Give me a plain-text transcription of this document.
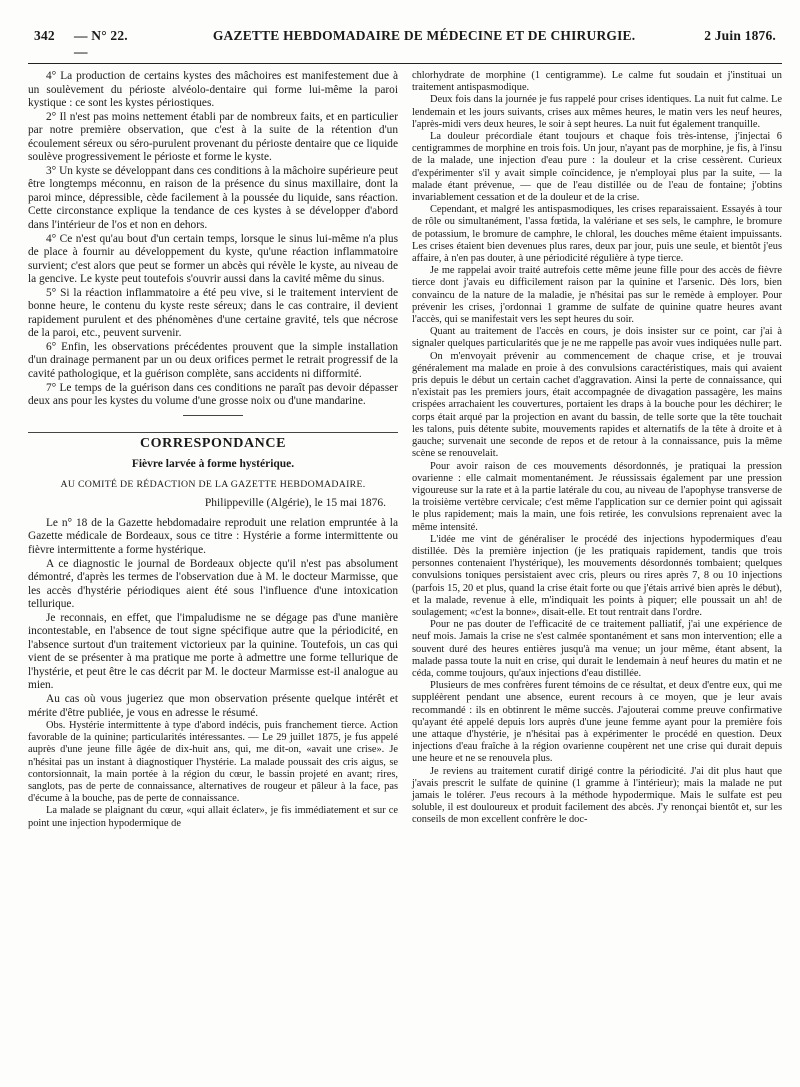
342	— N° 22. —
GAZETTE HEBDOMADAIRE DE MÉDECINE ET DE CHIRURGIE.	2 Juin 1876.

4° La production de certains kystes des mâchoires est manifestement due à un soulèvement du périoste alvéolo-dentaire qui forme lui-même la paroi kystique : ce sont les kystes périostiques.

2° Il n'est pas moins nettement établi par de nombreux faits, et en particulier par notre première observation, que c'est à la suite de la rétention d'un écoulement séreux ou séro-purulent provenant du périoste dentaire que ce liquide soulève progressivement le périoste et forme le kyste.

3° Un kyste se développant dans ces conditions à la mâchoire supérieure peut être longtemps méconnu, en raison de la présence du sinus maxillaire, dont la paroi mince, dépressible, cède facilement à la poussée du liquide, sans réaction. Cette circonstance explique la tendance de ces kystes à se développer d'abord dans l'intérieur de l'os et non en dehors.

4° Ce n'est qu'au bout d'un certain temps, lorsque le sinus lui-même n'a plus de place à fournir au développement du kyste, qu'une réaction inflammatoire survient; c'est alors que peut se former un abcès qui révèle le kyste, au niveau de la gencive. Le kyste peut toutefois s'ouvrir aussi dans la cavité même du sinus.

5° Si la réaction inflammatoire a été peu vive, si le traitement intervient de bonne heure, le contenu du kyste reste séreux; dans le cas contraire, il devient rapidement purulent et des phénomènes d'une certaine gravité, tels que nécrose de la paroi, etc., peuvent survenir.

6° Enfin, les observations précédentes prouvent que la simple installation d'un drainage permanent par un ou deux orifices permet le retrait progressif de la cavité pathologique, et la guérison complète, sans accidents ni difformité.

7° Le temps de la guérison dans ces conditions ne paraît pas devoir dépasser deux ans pour les kystes du volume d'une grosse noix ou d'une mandarine.

CORRESPONDANCE
Fièvre larvée à forme hystérique.
AU COMITÉ DE RÉDACTION DE LA GAZETTE HEBDOMADAIRE.
Philippeville (Algérie), le 15 mai 1876.

Le n° 18 de la Gazette hebdomadaire reproduit une relation empruntée à la Gazette médicale de Bordeaux, sous ce titre : Hystérie a forme intermittente ou fièvre intermittente a forme hystérique.

A ce diagnostic le journal de Bordeaux objecte qu'il n'est pas absolument démontré, d'après les termes de l'observation due à M. le docteur Marmisse, que les accès d'hystérie périodiques aient été sous l'influence d'une intoxication tellurique.

Je reconnais, en effet, que l'impaludisme ne se dégage pas d'une manière incontestable, en l'absence de tout signe spécifique autre que la périodicité, en l'absence surtout d'un traitement victorieux par la quinine. Toutefois, un cas qui vient de se présenter à ma pratique me porte à admettre une forme tellurique de l'hystérie, et peut être le cas décrit par M. le docteur Marmisse est-il analogue au mien.

Au cas où vous jugeriez que mon observation présente quelque intérêt et mérite d'être publiée, je vous en adresse le résumé.

Obs. Hystérie intermittente à type d'abord indécis, puis franchement tierce. Action favorable de la quinine; particularités intéressantes. — Le 29 juillet 1875, je fus appelé auprès d'une jeune fille âgée de dix-huit ans, qui, me dit-on, «avait une crise». Je n'hésitai pas un instant à diagnostiquer l'hystérie. La malade poussait des cris aigus, se contorsionnait, la main portée à la région du cœur, le bassin projeté en avant; rires, sanglots, pas de perte de connaissance, alternatives de rougeur et pâleur à la face, pas d'écume à la bouche, pas de perte de connaissance.

La malade se plaignant du cœur, «qui allait éclater», je fis immédiatement et sur ce point une injection hypodermique de

chlorhydrate de morphine (1 centigramme). Le calme fut soudain et j'instituai un traitement antispasmodique.

Deux fois dans la journée je fus rappelé pour crises identiques. La nuit fut calme. Le lendemain et les jours suivants, crises aux mêmes heures, le matin vers les neuf heures, l'après-midi vers deux heures, le soir à sept heures. La nuit fut également tranquille.

La douleur précordiale étant toujours et chaque fois très-intense, j'injectai 6 centigrammes de morphine en trois fois. Un jour, n'ayant pas de morphine, je fis, à l'insu de la malade, une injection d'eau pure : la douleur et la crise cessèrent. Curieux d'expérimenter s'il y avait simple coïncidence, je n'employai plus par la suite, — la malade étant prévenue, — que de l'eau distillée ou de l'eau de fontaine; j'obtins invariablement cessation et de la douleur et de la crise.

Cependant, et malgré les antispasmodiques, les crises reparaissaient. Essayés à tour de rôle ou simultanément, l'assa fœtida, la valériane et ses sels, le camphre, le bromure de potassium, le bromure de camphre, le chloral, les douches même étaient impuissants. Les crises étaient bien devenues plus rares, deux par jour, puis une seule, et bientôt j'eus affaire, à n'en pas douter, à une périodicité régulière à type tierce.

Je me rappelai avoir traité autrefois cette même jeune fille pour des accès de fièvre tierce dont j'avais eu difficilement raison par la quinine et l'arsenic. Dès lors, bien convaincu de la nature de la maladie, je n'hésitai pas sur le remède à employer. Pour prévenir les crises, j'ordonnai 1 gramme de sulfate de quinine quatre heures avant l'accès, qui se manifestait vers les sept heures du soir.

Quant au traitement de l'accès en cours, je dois insister sur ce point, car j'ai à signaler quelques particularités que je ne me rappelle pas avoir vues indiquées nulle part.

On m'envoyait prévenir au commencement de chaque crise, et je trouvai généralement ma malade en proie à des convulsions caractéristiques, mais qui avaient pris depuis le début un certain cachet d'aggravation. Ainsi la perte de connaissance, qui n'existait pas les premiers jours, était accompagnée de divagation passagère, les mains crispées arrachaient les couvertures, portaient les draps à la bouche pour les déchirer; le corps était arqué par la projection en avant du bassin, de telle sorte que la tête touchait les talons, puis détente subite, mouvements rapides et alternatifs de la tête à droite et à gauche; survenait une seconde de repos et de retour à la connaissance, puis la même scène se renouvelait.

Pour avoir raison de ces mouvements désordonnés, je pratiquai la pression ovarienne : elle calmait momentanément. Je réussissais également par une pression vigoureuse sur la rate et à la partie latérale du cou, au niveau de l'apophyse transverse de la troisième vertèbre cervicale; c'est même l'application sur ce dernier point qui agissait le plus rapidement; mais la main, une fois retirée, les convulsions reprenaient avec la même intensité.

L'idée me vint de généraliser le procédé des injections hypodermiques d'eau distillée. Dès la première injection (je les pratiquais rapidement, tandis que trois personnes contenaient l'hystérique), les mouvements désordonnés tombaient; quelques convulsions toniques persistaient avec cris, pleurs ou rires après 7, 8 ou 10 injections (parfois 15, 20 et plus, quand la crise était forte ou que j'étais arrivé bien après le début), et la malade, revenue à elle, m'indiquait les points à piquer; elle poussait un ah! de soulagement; «c'est la bonne», disait-elle. Et tout rentrait dans l'ordre.

Pour ne pas douter de l'efficacité de ce traitement palliatif, j'ai une expérience de neuf mois. Jamais la crise ne s'est calmée spontanément et sans mon intervention; elle a souvent duré des heures entières jusqu'à ma venue; un jour même, étant absent, la malade passa toute la nuit en crise, qui durait le lendemain à neuf heures du matin et ne céda, comme toujours, qu'aux injections d'eau distillée.

Plusieurs de mes confrères furent témoins de ce résultat, et deux d'entre eux, qui me suppléèrent pendant une absence, eurent recours à ce moyen, que je leur avais recommandé : ils en obtinrent le même succès. J'ajouterai comme preuve confirmative qu'ayant été appelé depuis lors auprès d'une jeune femme ayant pour la première fois une attaque d'hystérie, je n'hésitai pas à expérimenter le procédé en question. Deux injections d'eau fraîche à la région ovarienne coupèrent net une crise qui durait depuis une heure et ne se renouvela plus.

Je reviens au traitement curatif dirigé contre la périodicité. J'ai dit plus haut que j'avais prescrit le sulfate de quinine (1 gramme à l'intérieur); mais la malade ne put jamais le tolérer. J'eus recours à la méthode hypodermique. Mais le sulfate est peu soluble, il est douloureux et produit facilement des abcès. J'y renonçai bientôt et, sur les conseils de mon excellent confrère le doc-
